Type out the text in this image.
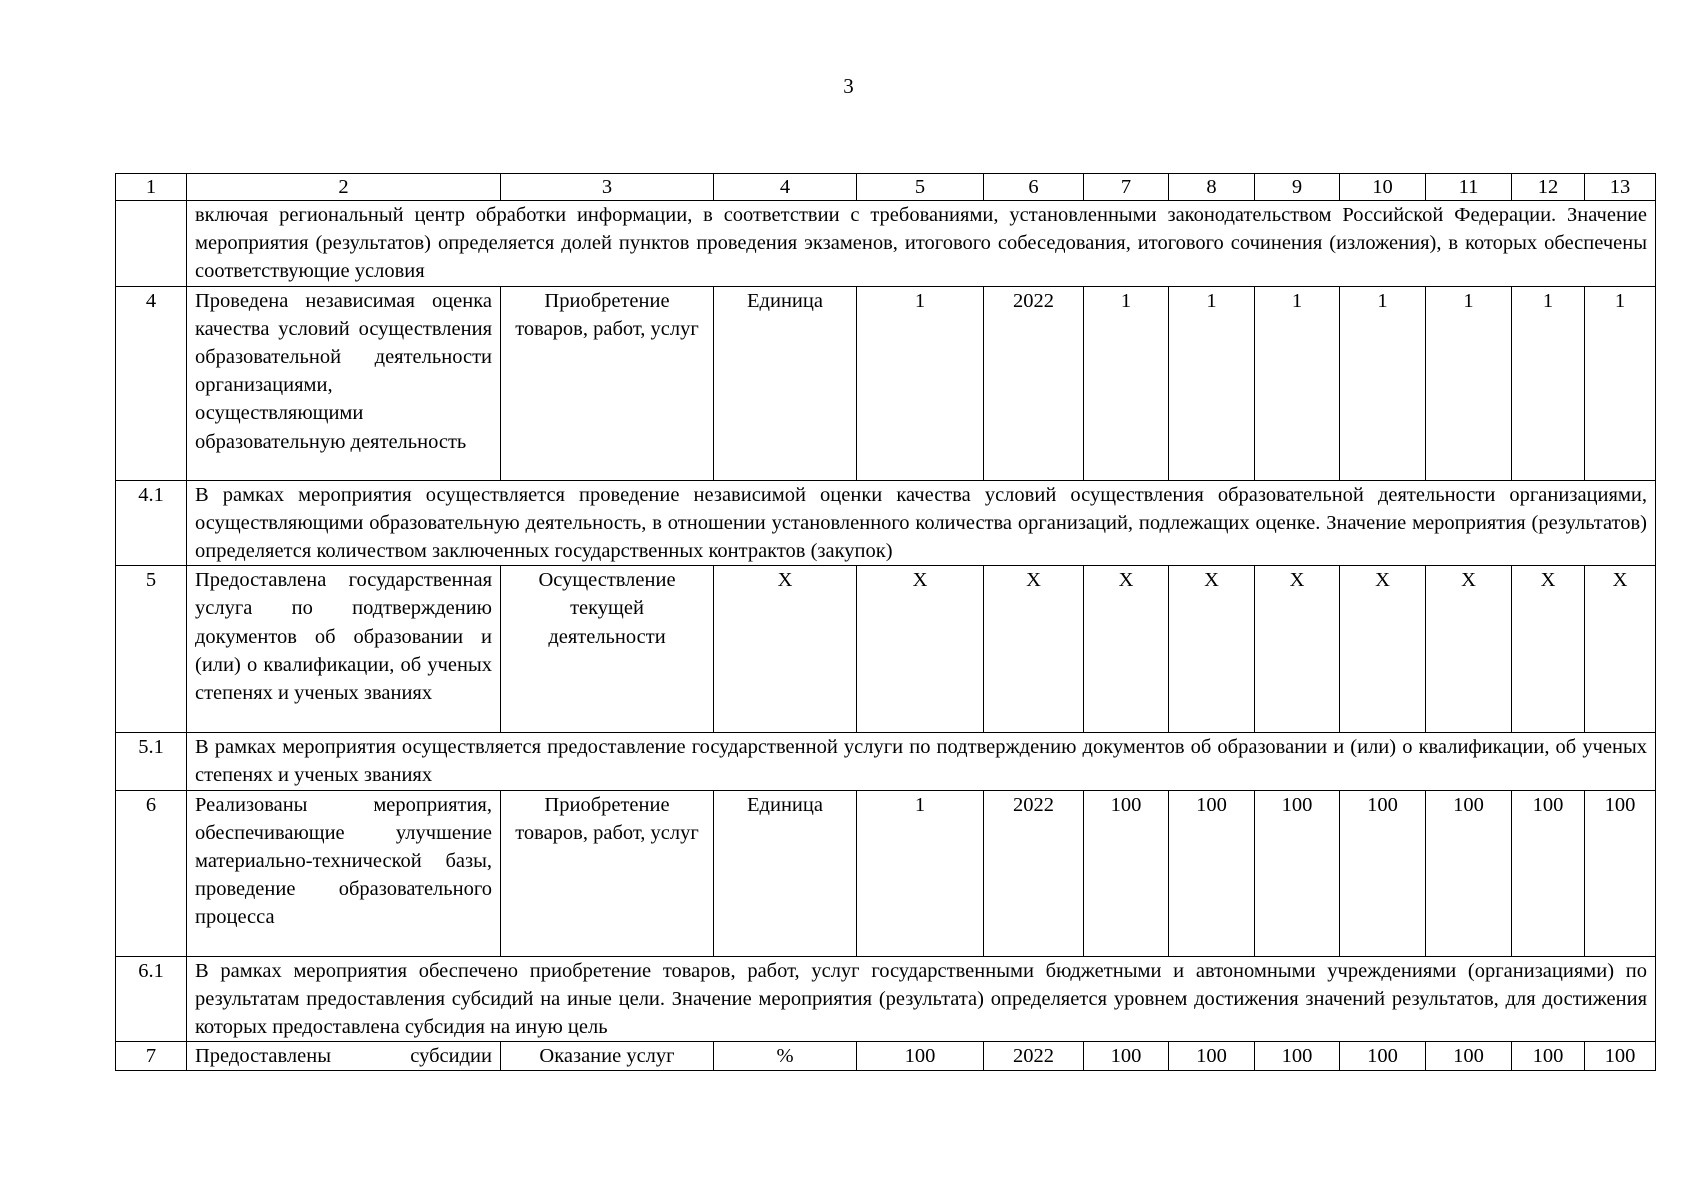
3
1	2	3	4	5	6	7	8	9	10	11	12	13
	включая региональный центр обработки информации, в соответствии с требованиями, установленными законодательством Российской Федерации. Значение мероприятия (результатов) определяется долей пунктов проведения экзаменов, итогового собеседования, итогового сочинения (изложения), в которых обеспечены соответствующие условия											
4	Проведена независимая оценка качества условий осуществления образовательной деятельности организациями, осуществляющими образовательную деятельность	Приобретение товаров, работ, услуг	Единица	1	2022	1	1	1	1	1	1	1
4.1	В рамках мероприятия осуществляется проведение независимой оценки качества условий осуществления образовательной деятельности организациями, осуществляющими образовательную деятельность, в отношении установленного количества организаций, подлежащих оценке. Значение мероприятия (результатов) определяется количеством заключенных государственных контрактов (закупок)											
5	Предоставлена государственная услуга по подтверждению документов об образовании и (или) о квалификации, об ученых степенях и ученых званиях	Осуществление текущей деятельности	X	X	X	X	X	X	X	X	X	X
5.1	В рамках мероприятия осуществляется предоставление государственной услуги по подтверждению документов об образовании и (или) о квалификации, об ученых степенях и ученых званиях											
6	Реализованы мероприятия, обеспечивающие улучшение материально-технической базы, проведение образовательного процесса	Приобретение товаров, работ, услуг	Единица	1	2022	100	100	100	100	100	100	100
6.1	В рамках мероприятия обеспечено приобретение товаров, работ, услуг государственными бюджетными и автономными учреждениями (организациями) по результатам предоставления субсидий на иные цели. Значение мероприятия (результата) определяется уровнем достижения значений результатов, для достижения которых предоставлена субсидия на иную цель											
7	Предоставлены субсидии	Оказание услуг	%	100	2022	100	100	100	100	100	100	100
